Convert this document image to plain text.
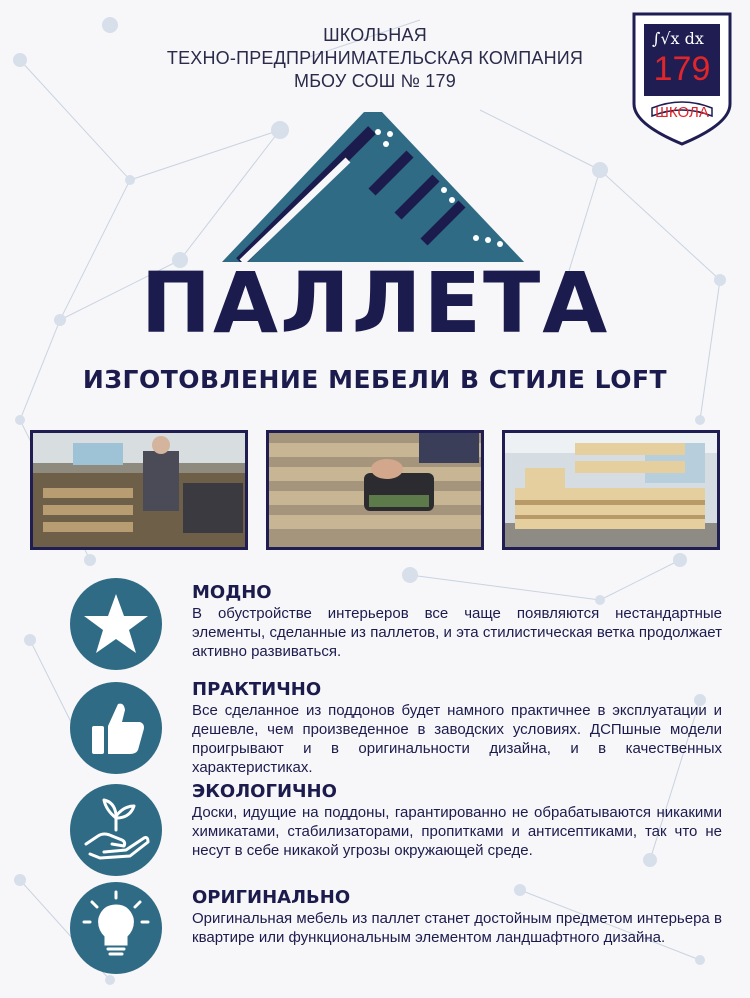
ШКОЛЬНАЯ
ТЕХНО-ПРЕДПРИНИМАТЕЛЬСКАЯ КОМПАНИЯ
МБОУ СОШ № 179
∫√x dx
179
ШКОЛА
ПАЛЛЕТА
ИЗГОТОВЛЕНИЕ МЕБЕЛИ В СТИЛЕ LOFT
МОДНО

В обустройстве интерьеров все чаще появляются нестандартные элементы, сделанные из паллетов, и эта стилистическая ветка продолжает активно развиваться.

ПРАКТИЧНО

Все сделанное из поддонов будет намного практичнее в эксплуатации и дешевле, чем произведенное в заводских условиях. ДСПшные модели проигрывают и в оригинальности дизайна, и в качественных характеристиках.

ЭКОЛОГИЧНО

Доски, идущие на поддоны, гарантированно не обрабатываются никакими химикатами, стабилизаторами, пропитками и антисептиками, так что не несут в себе никакой угрозы окружающей среде.

ОРИГИНАЛЬНО

Оригинальная мебель из паллет станет достойным предметом интерьера в квартире или функциональным элементом ландшафтного дизайна.
